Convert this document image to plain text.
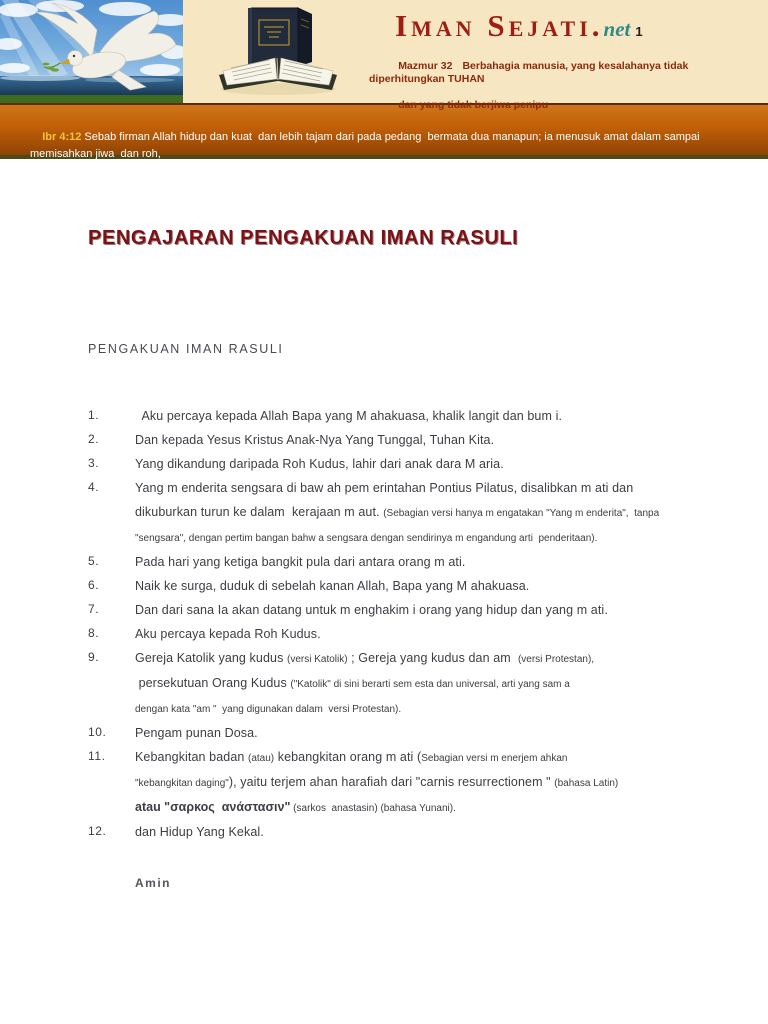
Iman Sejati.net 1

Mazmur 32 Berbahagia manusia, yang kesalahanya tidak diperhitungkan TUHAN

dan yang tidak berjiwa penipu

Ibr 4:12 Sebab firman Allah hidup dan kuat  dan lebih tajam dari pada pedang  bermata dua manapun; ia menusuk amat dalam sampai   memisahkan jiwa  dan roh,

sendi–sendi dan sumsum;  ia sanggup membedakan pertimbangan

PENGAJARAN PENGAKUAN IMAN RASULI
PENGAKUAN IMAN RASULI
1.	Aku percaya kepada Allah Bapa yang M ahakuasa, khalik langit dan bum i.
2.	Dan kepada Yesus Kristus Anak-Nya Yang Tunggal, Tuhan Kita.
3.	Yang dikandung daripada Roh Kudus, lahir dari anak dara M aria.
4.	Yang m enderita sengsara di baw ah pem erintahan Pontius Pilatus, disalibkan m ati dan
dikuburkan turun ke dalam  kerajaan m aut. (Sebagian versi hanya m engatakan "Yang m enderita",  tanpa
"sengsara", dengan pertim bangan bahw a sengsara dengan sendirinya m engandung arti  penderitaan).
5.	Pada hari yang ketiga bangkit pula dari antara orang m ati.
6.	Naik ke surga, duduk di sebelah kanan Allah, Bapa yang M ahakuasa.
7.	Dan dari sana Ia akan datang untuk m enghakim i orang yang hidup dan yang m ati.
8.	Aku percaya kepada Roh Kudus.
9.	Gereja Katolik yang kudus (versi Katolik) ; Gereja yang kudus dan am  (versi Protestan),
persekutuan Orang Kudus ("Katolik" di sini berarti sem esta dan universal, arti yang sam a
dengan kata "am "  yang digunakan dalam  versi Protestan).
10.	Pengam punan Dosa.
11.	Kebangkitan badan (atau) kebangkitan orang m ati (Sebagian versi m enerjem ahkan
"kebangkitan daging"), yaitu terjem ahan harafiah dari "carnis resurrectionem " (bahasa Latin)
atau "σαρκος  ανάστασιν" (sarkos  anastasin) (bahasa Yunani).
12.	dan Hidup Yang Kekal.
Amin
